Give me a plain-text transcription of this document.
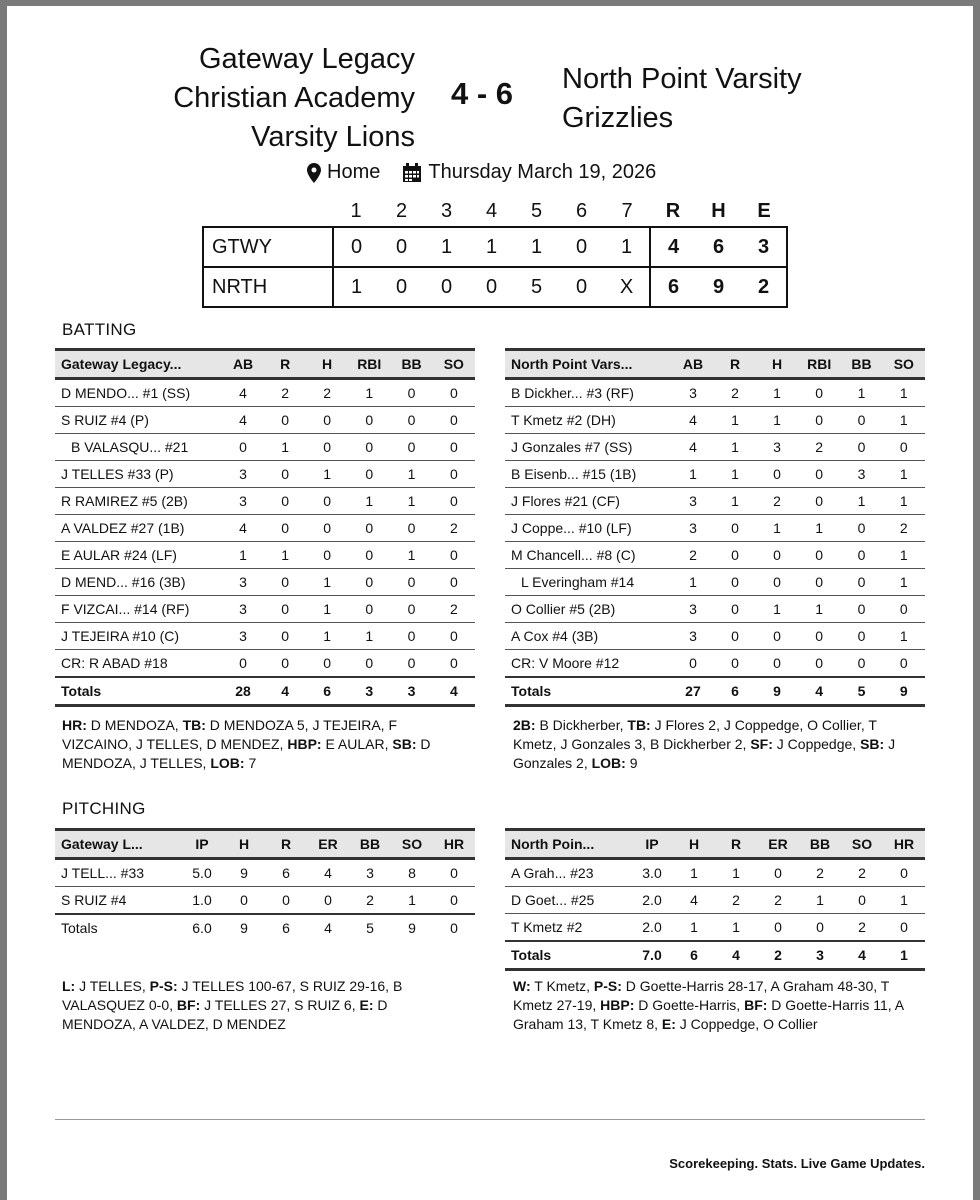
Gateway Legacy
Christian Academy
Varsity Lions
4 - 6 North Point Varsity
Grizzlies
Home Thursday March 19, 2026
	1	2	3	4	5	6	7	R	H	E
GTWY	0	0	1	1	1	0	1	4	6	3
NRTH	1	0	0	0	5	0	X	6	9	2
BATTING
Gateway Legacy...	AB	R	H	RBI	BB	SO
D MENDO... #1 (SS)	4	2	2	1	0	0
S RUIZ #4 (P)	4	0	0	0	0	0
B VALASQU... #21	0	1	0	0	0	0
J TELLES #33 (P)	3	0	1	0	1	0
R RAMIREZ #5 (2B)	3	0	0	1	1	0
A VALDEZ #27 (1B)	4	0	0	0	0	2
E AULAR #24 (LF)	1	1	0	0	1	0
D MEND... #16 (3B)	3	0	1	0	0	0
F VIZCAI... #14 (RF)	3	0	1	0	0	2
J TEJEIRA #10 (C)	3	0	1	1	0	0
CR: R ABAD #18	0	0	0	0	0	0
Totals	28	4	6	3	3	4
North Point Vars...	AB	R	H	RBI	BB	SO
B Dickher... #3 (RF)	3	2	1	0	1	1
T Kmetz #2 (DH)	4	1	1	0	0	1
J Gonzales #7 (SS)	4	1	3	2	0	0
B Eisenb... #15 (1B)	1	1	0	0	3	1
J Flores #21 (CF)	3	1	2	0	1	1
J Coppe... #10 (LF)	3	0	1	1	0	2
M Chancell... #8 (C)	2	0	0	0	0	1
L Everingham #14	1	0	0	0	0	1
O Collier #5 (2B)	3	0	1	1	0	0
A Cox #4 (3B)	3	0	0	0	0	1
CR: V Moore #12	0	0	0	0	0	0
Totals	27	6	9	4	5	9
HR: D MENDOZA, TB: D MENDOZA 5, J TEJEIRA, F VIZCAINO, J TELLES, D MENDEZ, HBP: E AULAR, SB: D MENDOZA, J TELLES, LOB: 7
2B: B Dickherber, TB: J Flores 2, J Coppedge, O Collier, T Kmetz, J Gonzales 3, B Dickherber 2, SF: J Coppedge, SB: J Gonzales 2, LOB: 9
PITCHING
Gateway L...	IP	H	R	ER	BB	SO	HR
J TELL... #33	5.0	9	6	4	3	8	0
S RUIZ #4	1.0	0	0	0	2	1	0
Totals	6.0	9	6	4	5	9	0
North Poin...	IP	H	R	ER	BB	SO	HR
A Grah... #23	3.0	1	1	0	2	2	0
D Goet... #25	2.0	4	2	2	1	0	1
T Kmetz #2	2.0	1	1	0	0	2	0
Totals	7.0	6	4	2	3	4	1
L: J TELLES, P-S: J TELLES 100-67, S RUIZ 29-16, B VALASQUEZ 0-0, BF: J TELLES 27, S RUIZ 6, E: D MENDOZA, A VALDEZ, D MENDEZ
W: T Kmetz, P-S: D Goette-Harris 28-17, A Graham 48-30, T Kmetz 27-19, HBP: D Goette-Harris, BF: D Goette-Harris 11, A Graham 13, T Kmetz 8, E: J Coppedge, O Collier
Scorekeeping. Stats. Live Game Updates.
